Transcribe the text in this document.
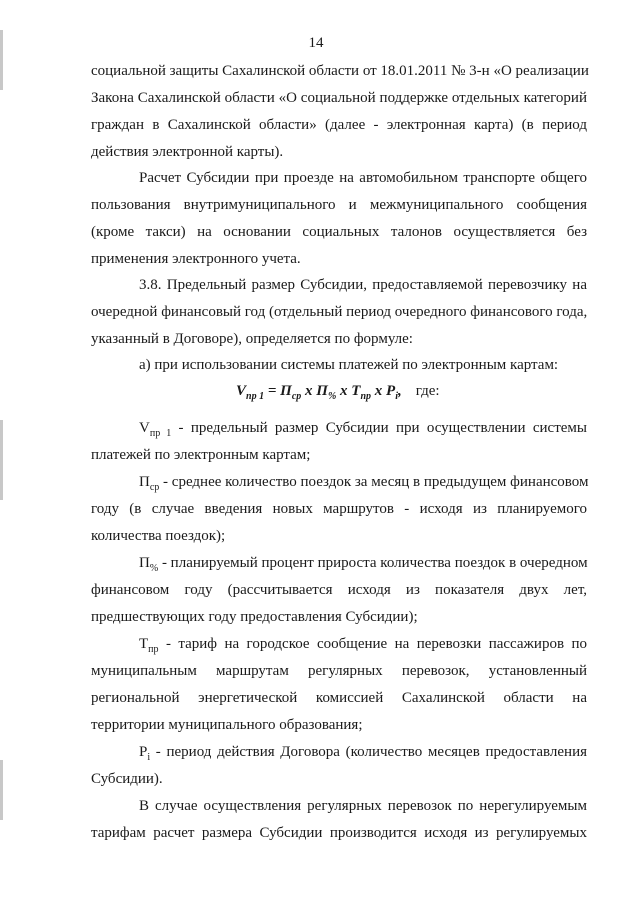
14
социальной защиты Сахалинской области от 18.01.2011 № 3-н «О реализации
Закона Сахалинской области «О социальной поддержке отдельных категорий
граждан в Сахалинской области» (далее - электронная карта) (в период
действия электронной карты).
Расчет Субсидии при проезде на автомобильном транспорте общего
пользования внутримуниципального и межмуниципального сообщения
(кроме такси) на основании социальных талонов осуществляется без
применения электронного учета.
3.8. Предельный размер Субсидии, предоставляемой перевозчику на
очередной финансовый год (отдельный период очередного финансового года,
указанный в Договоре), определяется по формуле:
а) при использовании системы платежей по электронным картам:
$V_{пр 1} = П_{ср}$ x $П_{\%}$ x $Т_{пр}$ x $Р_i$, где:
$V_{пр 1}$ - предельный размер Субсидии при осуществлении системы
платежей по электронным картам;
$П_{ср}$ - среднее количество поездок за месяц в предыдущем финансовом
году (в случае введения новых маршрутов - исходя из планируемого
количества поездок);
$П_{\%}$ - планируемый процент прироста количества поездок в очередном
финансовом году (рассчитывается исходя из показателя двух лет,
предшествующих году предоставления Субсидии);
$Т_{пр}$ - тариф на городское сообщение на перевозки пассажиров по
муниципальным маршрутам регулярных перевозок, установленный
региональной энергетической комиссией Сахалинской области на
территории муниципального образования;
$Р_i$ - период действия Договора (количество месяцев предоставления
Субсидии).
В случае осуществления регулярных перевозок по нерегулируемым
тарифам расчет размера Субсидии производится исходя из регулируемых
